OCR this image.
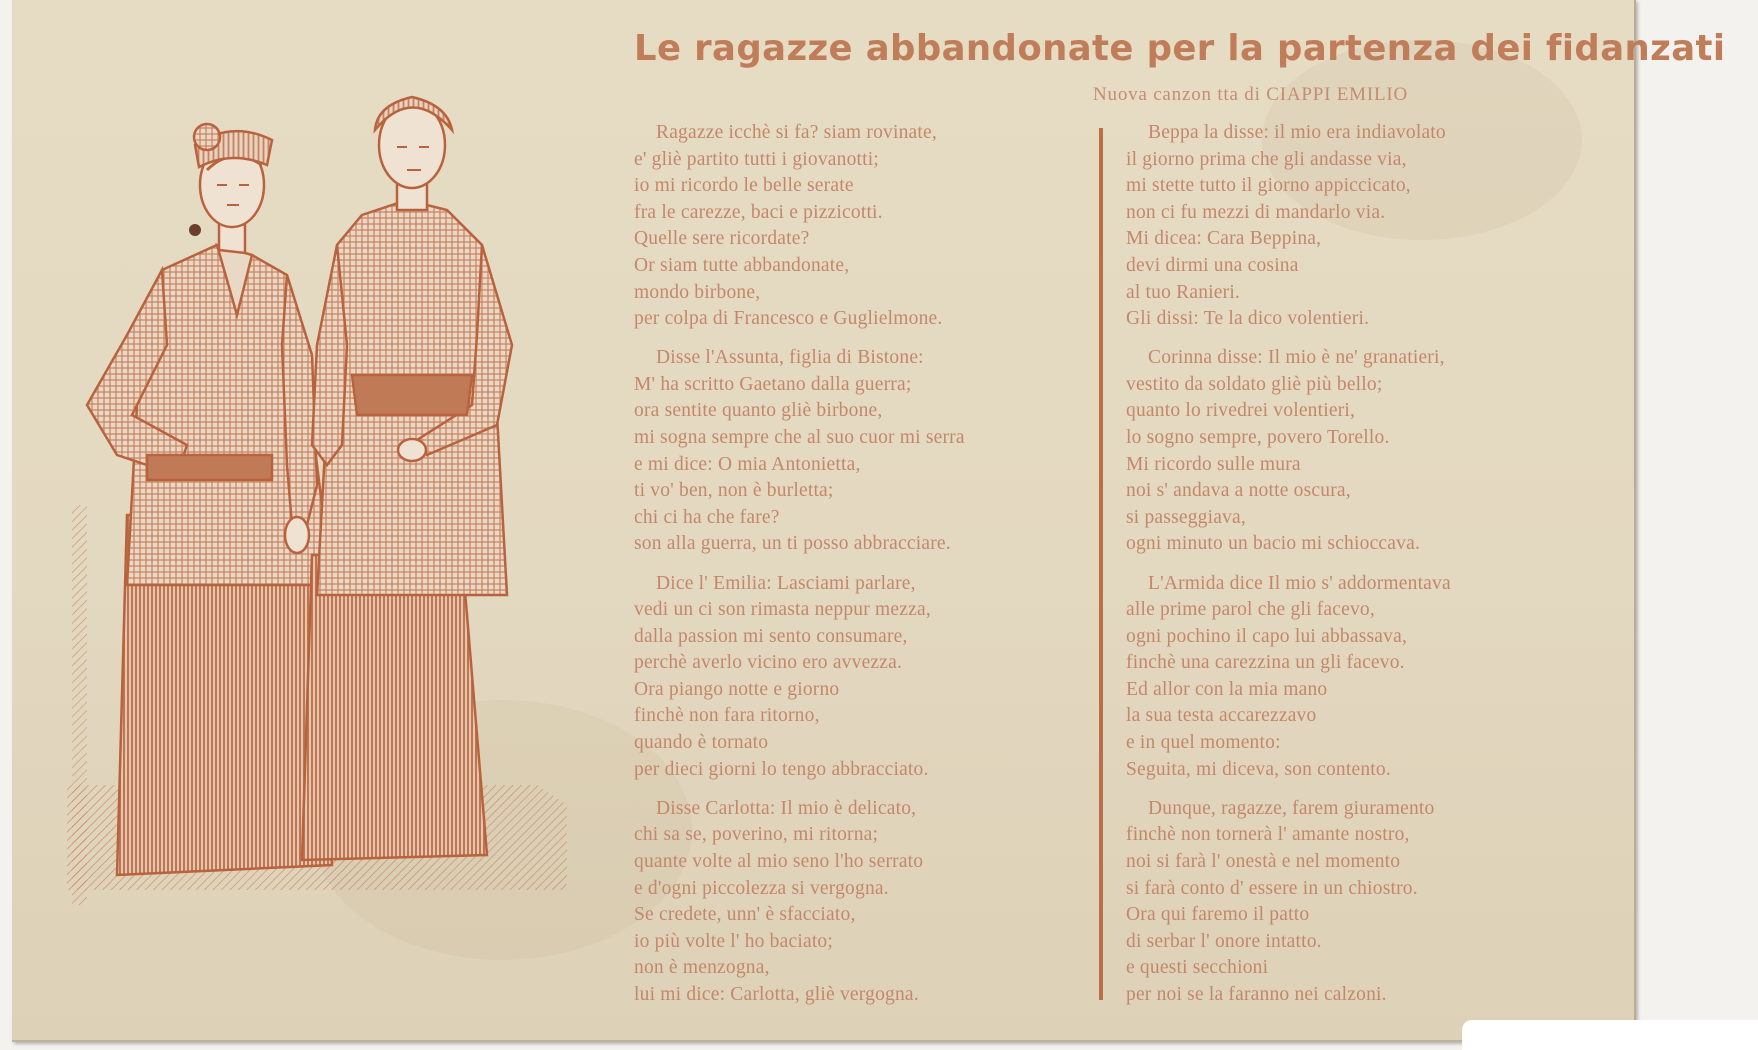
Le ragazze abbandonate per la partenza dei fidanzati
Nuova canzon tta di CIAPPI EMILIO
Ragazze icchè si fa? siam rovinate,
e' gliè partito tutti i giovanotti;
io mi ricordo le belle serate
fra le carezze, baci e pizzicotti.
Quelle sere ricordate?
Or siam tutte abbandonate,
mondo birbone,
per colpa di Francesco e Guglielmone.
Disse l'Assunta, figlia di Bistone:
M' ha scritto Gaetano dalla guerra;
ora sentite quanto gliè birbone,
mi sogna sempre che al suo cuor mi serra
e mi dice: O mia Antonietta,
ti vo' ben, non è burletta;
chi ci ha che fare?
son alla guerra, un ti posso abbracciare.
Dice l' Emilia: Lasciami parlare,
vedi un ci son rimasta neppur mezza,
dalla passion mi sento consumare,
perchè averlo vicino ero avvezza.
Ora piango notte e giorno
finchè non fara ritorno,
quando è tornato
per dieci giorni lo tengo abbracciato.
Disse Carlotta: Il mio è delicato,
chi sa se, poverino, mi ritorna;
quante volte al mio seno l'ho serrato
e d'ogni piccolezza si vergogna.
Se credete, unn' è sfacciato,
io più volte l' ho baciato;
non è menzogna,
lui mi dice: Carlotta, gliè vergogna.
Beppa la disse: il mio era indiavolato
il giorno prima che gli andasse via,
mi stette tutto il giorno appiccicato,
non ci fu mezzi di mandarlo via.
Mi dicea: Cara Beppina,
devi dirmi una cosina
al tuo Ranieri.
Gli dissi: Te la dico volentieri.
Corinna disse: Il mio è ne' granatieri,
vestito da soldato gliè più bello;
quanto lo rivedrei volentieri,
lo sogno sempre, povero Torello.
Mi ricordo sulle mura
noi s' andava a notte oscura,
si passeggiava,
ogni minuto un bacio mi schioccava.
L'Armida dice Il mio s' addormentava
alle prime parol che gli facevo,
ogni pochino il capo lui abbassava,
finchè una carezzina un gli facevo.
Ed allor con la mia mano
la sua testa accarezzavo
e in quel momento:
Seguita, mi diceva, son contento.
Dunque, ragazze, farem giuramento
finchè non tornerà l' amante nostro,
noi si farà l' onestà e nel momento
si farà conto d' essere in un chiostro.
Ora qui faremo il patto
di serbar l' onore intatto.
e questi secchioni
per noi se la faranno nei calzoni.
